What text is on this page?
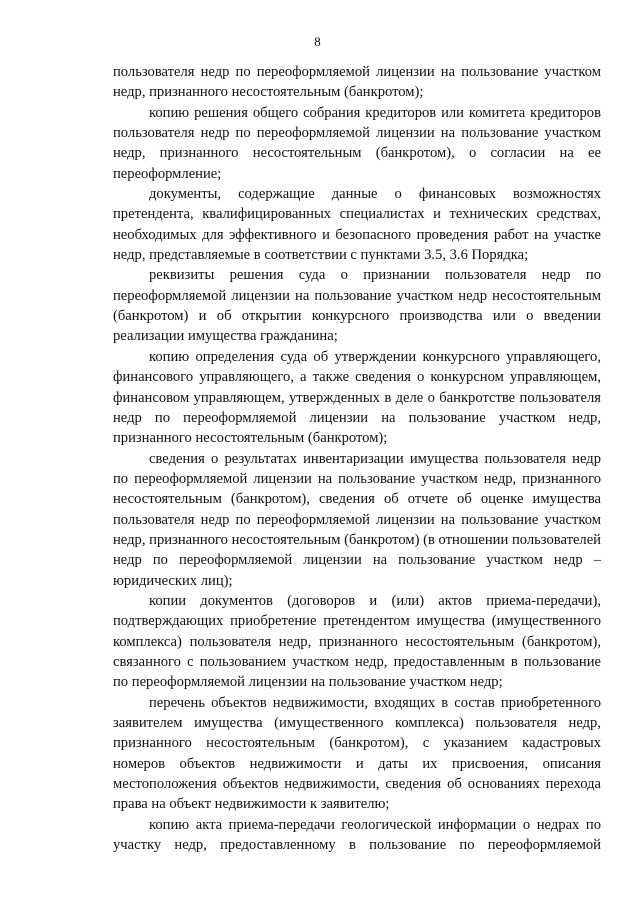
8

пользователя недр по переоформляемой лицензии на пользование участком
недр, признанного несостоятельным (банкротом);

копию решения общего собрания кредиторов или комитета кредиторов
пользователя недр по переоформляемой лицензии на пользование участком
недр, признанного несостоятельным (банкротом), о согласии на ее
переоформление;

документы, содержащие данные о финансовых возможностях
претендента, квалифицированных специалистах и технических средствах,
необходимых для эффективного и безопасного проведения работ на участке
недр, представляемые в соответствии с пунктами 3.5, 3.6 Порядка;

реквизиты решения суда о признании пользователя недр по
переоформляемой лицензии на пользование участком недр несостоятельным
(банкротом) и об открытии конкурсного производства или о введении
реализации имущества гражданина;

копию определения суда об утверждении конкурсного управляющего,
финансового управляющего, а также сведения о конкурсном управляющем,
финансовом управляющем, утвержденных в деле о банкротстве пользователя
недр по переоформляемой лицензии на пользование участком недр,
признанного несостоятельным (банкротом);

сведения о результатах инвентаризации имущества пользователя недр
по переоформляемой лицензии на пользование участком недр, признанного
несостоятельным (банкротом), сведения об отчете об оценке имущества
пользователя недр по переоформляемой лицензии на пользование участком
недр, признанного несостоятельным (банкротом) (в отношении пользователей
недр по переоформляемой лицензии на пользование участком недр –
юридических лиц);

копии документов (договоров и (или) актов приема-передачи),
подтверждающих приобретение претендентом имущества (имущественного
комплекса) пользователя недр, признанного несостоятельным (банкротом),
связанного с пользованием участком недр, предоставленным в пользование
по переоформляемой лицензии на пользование участком недр;

перечень объектов недвижимости, входящих в состав приобретенного
заявителем имущества (имущественного комплекса) пользователя недр,
признанного несостоятельным (банкротом), с указанием кадастровых
номеров объектов недвижимости и даты их присвоения, описания
местоположения объектов недвижимости, сведения об основаниях перехода
права на объект недвижимости к заявителю;

копию акта приема-передачи геологической информации о недрах по
участку недр, предоставленному в пользование по переоформляемой
